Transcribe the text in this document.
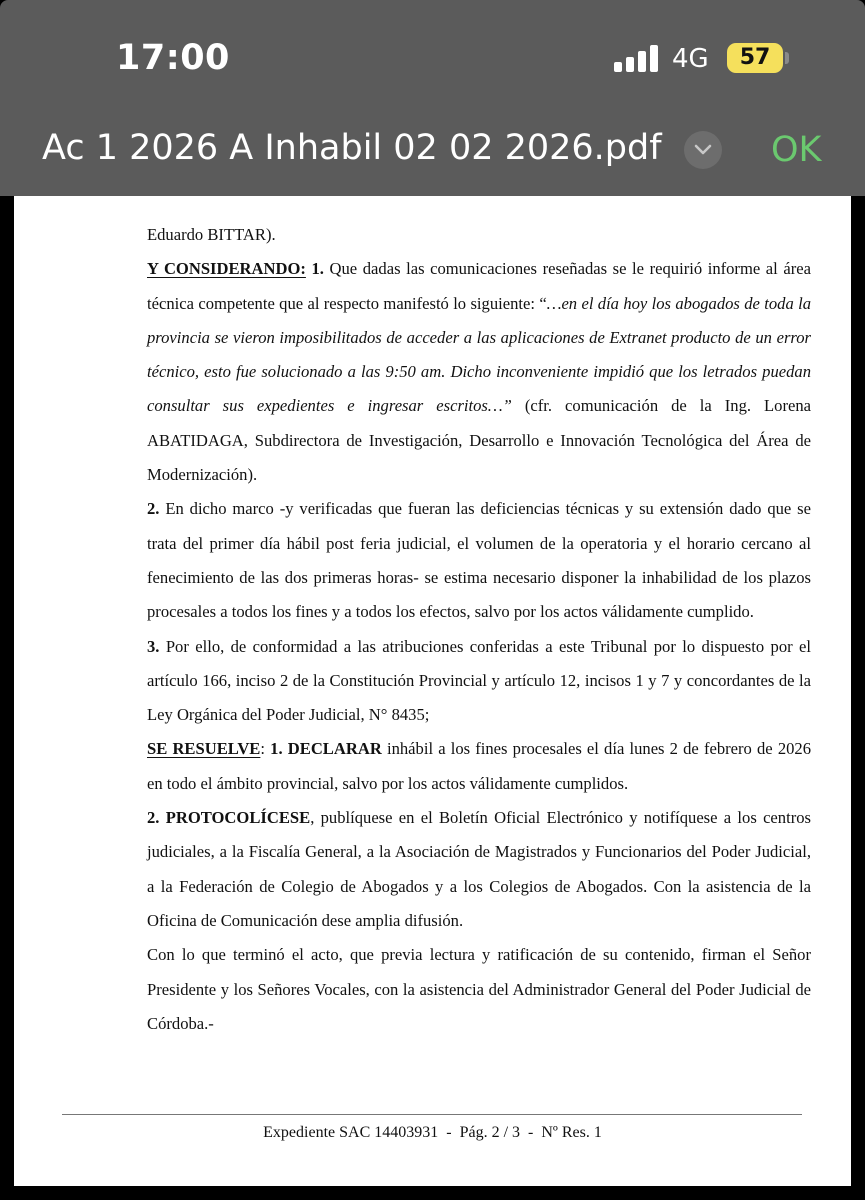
17:00	4G	57
Ac 1 2026 A Inhabil 02 02 2026.pdf	OK

Eduardo BITTAR).

Y CONSIDERANDO: 1. Que dadas las comunicaciones reseñadas se le requirió informe al área técnica competente que al respecto manifestó lo siguiente: “…en el día hoy los abogados de toda la provincia se vieron imposibilitados de acceder a las aplicaciones de Extranet producto de un error técnico, esto fue solucionado a las 9:50 am. Dicho inconveniente impidió que los letrados puedan consultar sus expedientes e ingresar escritos…” (cfr. comunicación de la Ing. Lorena ABATIDAGA, Subdirectora de Investigación, Desarrollo e Innovación Tecnológica del Área de Modernización).

2. En dicho marco -y verificadas que fueran las deficiencias técnicas y su extensión dado que se trata del primer día hábil post feria judicial, el volumen de la operatoria y el horario cercano al fenecimiento de las dos primeras horas- se estima necesario disponer la inhabilidad de los plazos procesales a todos los fines y a todos los efectos, salvo por los actos válidamente cumplido.

3. Por ello, de conformidad a las atribuciones conferidas a este Tribunal por lo dispuesto por el artículo 166, inciso 2 de la Constitución Provincial y artículo 12, incisos 1 y 7 y concordantes de la Ley Orgánica del Poder Judicial, N° 8435;

SE RESUELVE: 1. DECLARAR inhábil a los fines procesales el día lunes 2 de febrero de 2026 en todo el ámbito provincial, salvo por los actos válidamente cumplidos.

2. PROTOCOLÍCESE, publíquese en el Boletín Oficial Electrónico y notifíquese a los centros judiciales, a la Fiscalía General, a la Asociación de Magistrados y Funcionarios del Poder Judicial, a la Federación de Colegio de Abogados y a los Colegios de Abogados. Con la asistencia de la Oficina de Comunicación dese amplia difusión.

Con lo que terminó el acto, que previa lectura y ratificación de su contenido, firman el Señor Presidente y los Señores Vocales, con la asistencia del Administrador General del Poder Judicial de Córdoba.-

Expediente SAC 14403931  -  Pág. 2 / 3  -  Nº Res. 1
